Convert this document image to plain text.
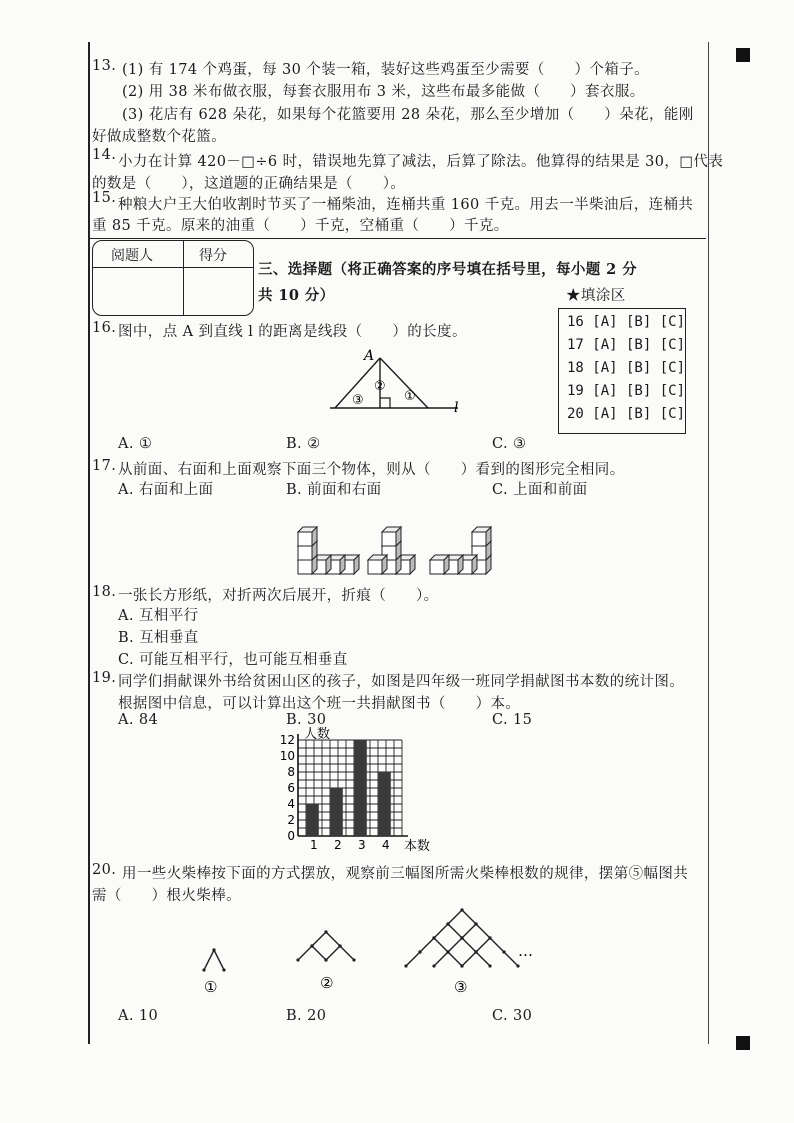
13. (1) 有 174 个鸡蛋，每 30 个装一箱，装好这些鸡蛋至少需要（　　）个箱子。
(2) 用 38 米布做衣服，每套衣服用布 3 米，这些布最多能做（　　）套衣服。
(3) 花店有 628 朵花，如果每个花篮要用 28 朵花，那么至少增加（　　）朵花，能刚
好做成整数个花篮。
14. 小力在计算 420－□÷6 时，错误地先算了减法，后算了除法。他算得的结果是 30，□代表
的数是（　　），这道题的正确结果是（　　）。
15. 种粮大户王大伯收割时节买了一桶柴油，连桶共重 160 千克。用去一半柴油后，连桶共
重 85 千克。原来的油重（　　）千克，空桶重（　　）千克。
阅题人	得分
三、选择题（将正确答案的序号填在括号里，每小题 2 分
共 10 分）	★填涂区
16 [A] [B] [C]
17 [A] [B] [C]
18 [A] [B] [C]
19 [A] [B] [C]
20 [A] [B] [C]
16. 图中，点 A 到直线 l 的距离是线段（　　）的长度。
A
l
③
②
①
A. ①	B. ②	C. ③
17. 从前面、右面和上面观察下面三个物体，则从（　　）看到的图形完全相同。
A. 右面和上面	B. 前面和右面	C. 上面和前面
18. 一张长方形纸，对折两次后展开，折痕（　　）。
A. 互相平行
B. 互相垂直
C. 可能互相平行，也可能互相垂直
19. 同学们捐献课外书给贫困山区的孩子，如图是四年级一班同学捐献图书本数的统计图。
根据图中信息，可以计算出这个班一共捐献图书（　　）本。
A. 84	B. 30	C. 15
1 2 3 4
0
2
4
6
8
10
12 人数
本数
20. 用一些火柴棒按下面的方式摆放，观察前三幅图所需火柴棒根数的规律，摆第⑤幅图共
需（　　）根火柴棒。
①	②	③
…
A. 10	B. 20	C. 30
